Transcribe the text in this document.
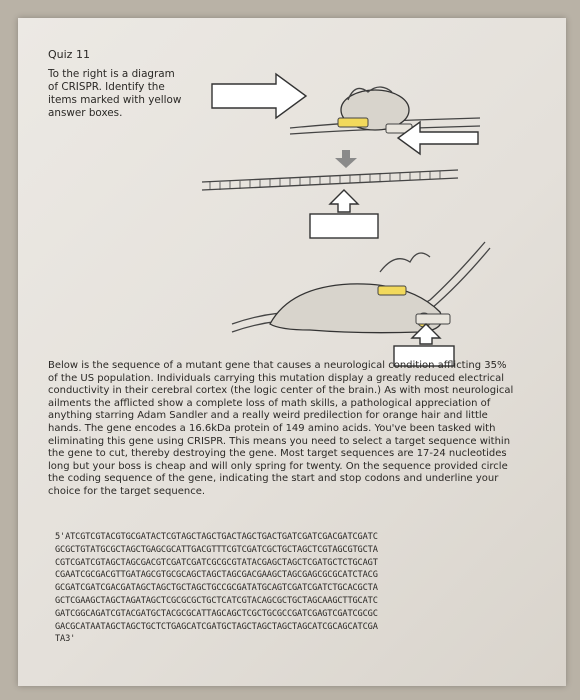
Quiz 11
To the right is a diagram of CRISPR. Identify the items marked with yellow answer boxes.
Below is the sequence of a mutant gene that causes a neurological condition afflicting 35% of the US population. Individuals carrying this mutation display a greatly reduced electrical conductivity in their cerebral cortex (the logic center of the brain.) As with most neurological ailments the afflicted show a complete loss of math skills, a pathological appreciation of anything starring Adam Sandler and a really weird predilection for orange hair and little hands. The gene encodes a 16.6kDa protein of 149 amino acids. You've been tasked with eliminating this gene using CRISPR. This means you need to select a target sequence within the gene to cut, thereby destroying the gene. Most target sequences are 17-24 nucleotides long but your boss is cheap and will only spring for twenty. On the sequence provided circle the coding sequence of the gene, indicating the start and stop codons and underline your choice for the target sequence.
5'ATCGTCGTACGTGCGATACTCGTAGCTAGCTGACTAGCTGACTGATCGATCGACGATCGATC
GCGCTGTATGCGCTAGCTGAGCGCATTGACGTTTCGTCGATCGCTGCTAGCTCGTAGCGTGCTA
CGTCGATCGTAGCTAGCGACGTCGATCGATCGCGCGTATACGAGCTAGCTCGATGCTCTGCAGT
CGAATCGCGACGTTGATAGCGTGCGCAGCTAGCTAGCGACGAAGCTAGCGAGCGCGCATCTACG
GCGATCGATCGACGATAGCTAGCTGCTAGCTGCCGCGATATGCAGTCGATCGATCTGCACGCTA
GCTCGAAGCTAGCTAGATAGCTCGCGCGCTGCTCATCGTACAGCGCTGCTAGCAAGCTTGCATC
GATCGGCAGATCGTACGATGCTACGCGCATTAGCAGCTCGCTGCGCCGATCGAGTCGATCGCGC
GACGCATAATAGCTAGCTGCTCTGAGCATCGATGCTAGCTAGCTAGCTAGCATCGCAGCATCGA
TA3'
